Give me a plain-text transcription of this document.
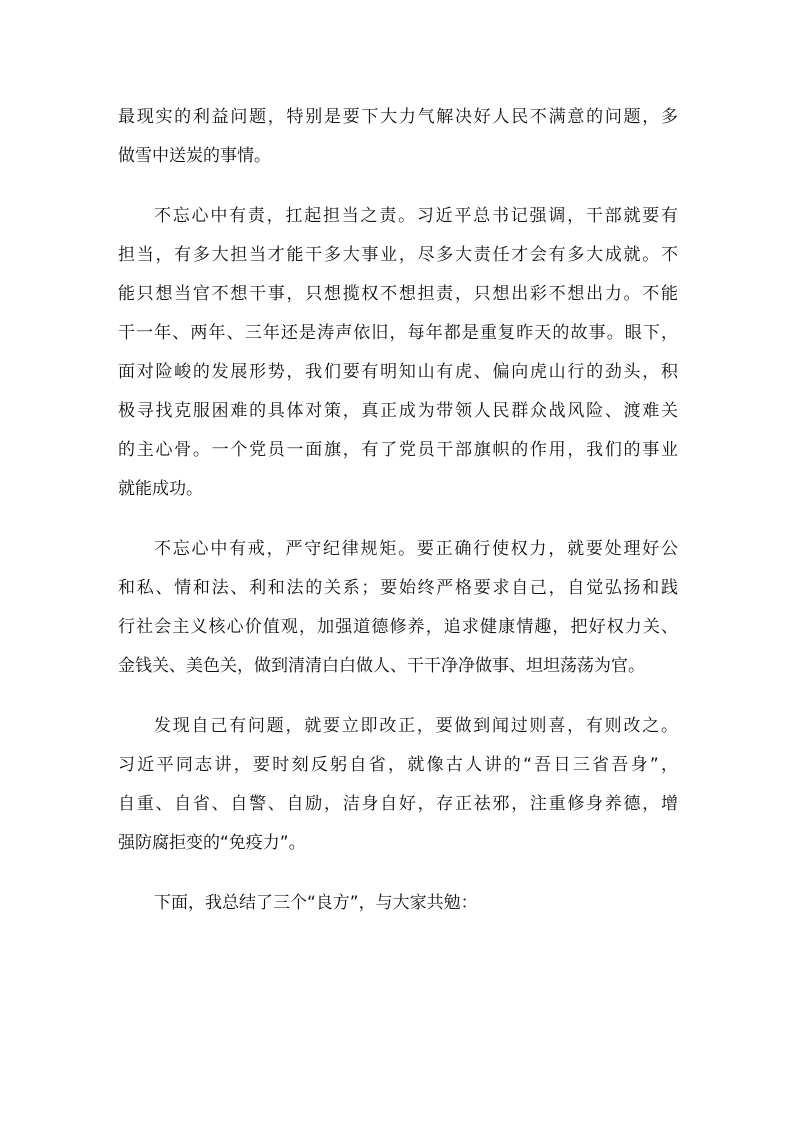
最现实的利益问题，特别是要下大力气解决好人民不满意的问题，多
做雪中送炭的事情。

不忘心中有责，扛起担当之责。习近平总书记强调，干部就要有
担当，有多大担当才能干多大事业，尽多大责任才会有多大成就。不
能只想当官不想干事，只想揽权不想担责，只想出彩不想出力。不能
干一年、两年、三年还是涛声依旧，每年都是重复昨天的故事。眼下，
面对险峻的发展形势，我们要有明知山有虎、偏向虎山行的劲头，积
极寻找克服困难的具体对策，真正成为带领人民群众战风险、渡难关
的主心骨。一个党员一面旗，有了党员干部旗帜的作用，我们的事业
就能成功。

不忘心中有戒，严守纪律规矩。要正确行使权力，就要处理好公
和私、情和法、利和法的关系；要始终严格要求自己，自觉弘扬和践
行社会主义核心价值观，加强道德修养，追求健康情趣，把好权力关、
金钱关、美色关，做到清清白白做人、干干净净做事、坦坦荡荡为官。

发现自己有问题，就要立即改正，要做到闻过则喜，有则改之。
习近平同志讲，要时刻反躬自省，就像古人讲的“吾日三省吾身”，
自重、自省、自警、自励，洁身自好，存正祛邪，注重修身养德，增
强防腐拒变的“免疫力”。

下面，我总结了三个“良方”，与大家共勉：
